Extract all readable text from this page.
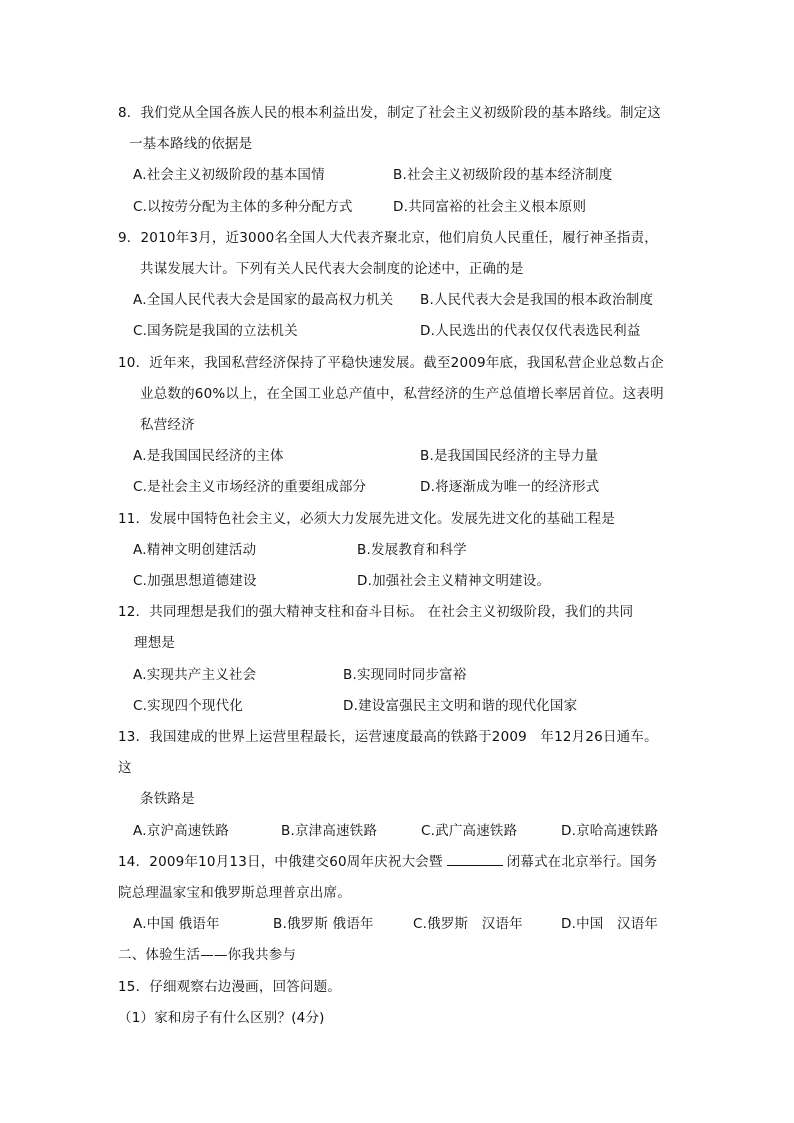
8．我们党从全国各族人民的根本利益出发，制定了社会主义初级阶段的基本路线。制定这
一基本路线的依据是
A.社会主义初级阶段的基本国情	B.社会主义初级阶段的基本经济制度
C.以按劳分配为主体的多种分配方式	D.共同富裕的社会主义根本原则
9．2010年3月，近3000名全国人大代表齐聚北京，他们肩负人民重任，履行神圣指责，
共谋发展大计。下列有关人民代表大会制度的论述中，正确的是
A.全国人民代表大会是国家的最高权力机关 B.人民代表大会是我国的根本政治制度
C.国务院是我国的立法机关	D.人民选出的代表仅仅代表选民利益
10．近年来，我国私营经济保持了平稳快速发展。截至2009年底，我国私营企业总数占企
业总数的60%以上，在全国工业总产值中，私营经济的生产总值增长率居首位。这表明
私营经济
A.是我国国民经济的主体	B.是我国国民经济的主导力量
C.是社会主义市场经济的重要组成部分	D.将逐渐成为唯一的经济形式
11．发展中国特色社会主义，必须大力发展先进文化。发展先进文化的基础工程是
A.精神文明创建活动	B.发展教育和科学
C.加强思想道德建设	D.加强社会主义精神文明建设。
12．共同理想是我们的强大精神支柱和奋斗目标。 在社会主义初级阶段，我们的共同
理想是
A.实现共产主义社会	B.实现同时同步富裕
C.实现四个现代化	D.建设富强民主文明和谐的现代化国家
13．我国建成的世界上运营里程最长，运营速度最高的铁路于2009   年12月26日通车。
这
条铁路是
A.京沪高速铁路	B.京津高速铁路	C.武广高速铁路	D.京哈高速铁路
14．2009年10月13日，中俄建交60周年庆祝大会暨	闭幕式在北京举行。国务
院总理温家宝和俄罗斯总理普京出席。
A.中国 俄语年	B.俄罗斯 俄语年	C.俄罗斯   汉语年	D.中国   汉语年
二、体验生活——你我共参与
15．仔细观察右边漫画，回答问题。
（1）家和房子有什么区别？(4分)
